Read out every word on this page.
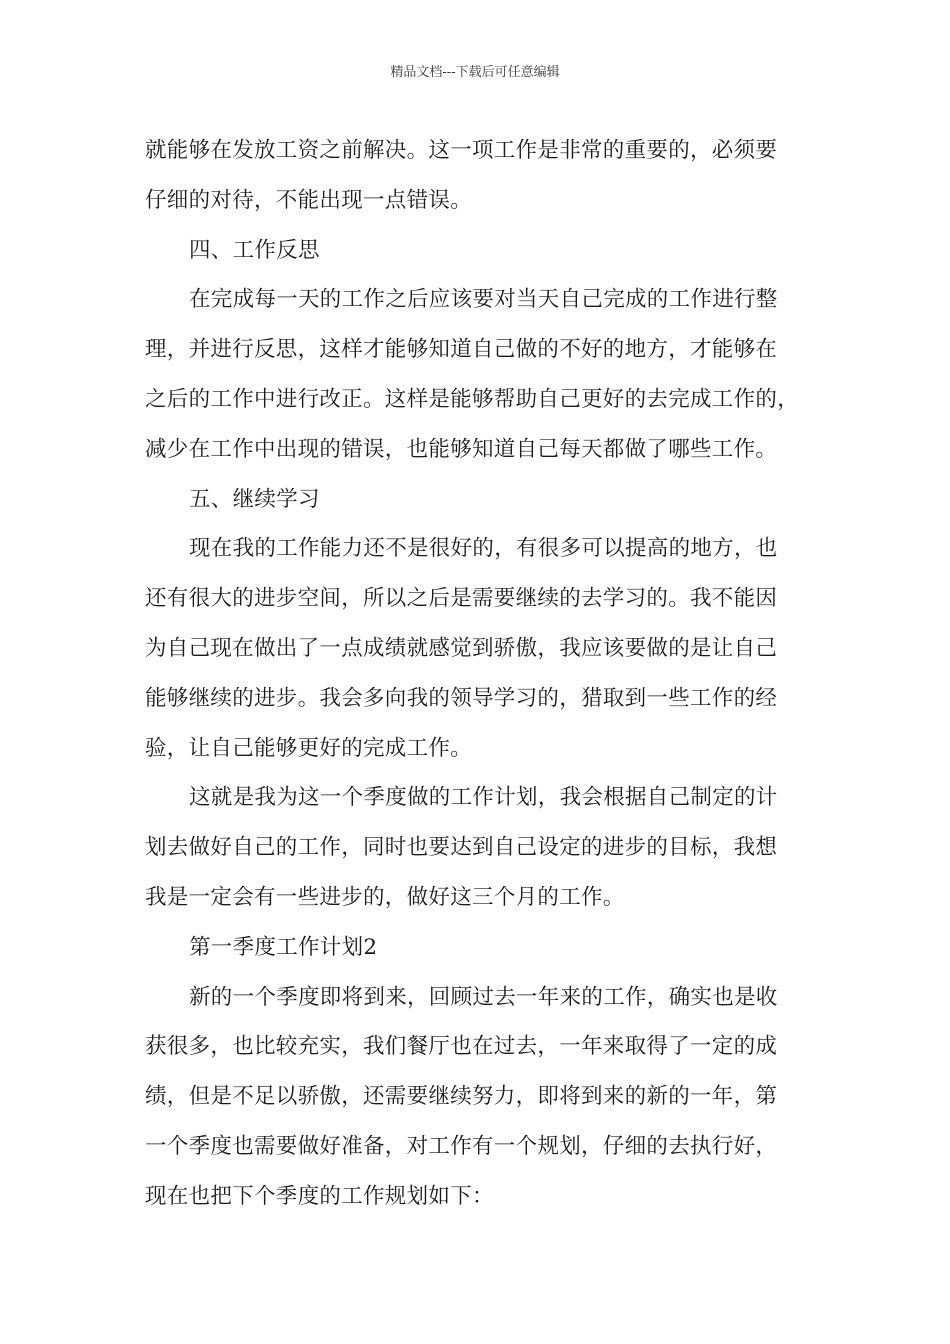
精品文档---下载后可任意编辑
就能够在发放工资之前解决。这一项工作是非常的重要的，必须要
仔细的对待，不能出现一点错误。
四、工作反思
在完成每一天的工作之后应该要对当天自己完成的工作进行整
理，并进行反思，这样才能够知道自己做的不好的地方，才能够在
之后的工作中进行改正。这样是能够帮助自己更好的去完成工作的，
减少在工作中出现的错误，也能够知道自己每天都做了哪些工作。
五、继续学习
现在我的工作能力还不是很好的，有很多可以提高的地方，也
还有很大的进步空间，所以之后是需要继续的去学习的。我不能因
为自己现在做出了一点成绩就感觉到骄傲，我应该要做的是让自己
能够继续的进步。我会多向我的领导学习的，猎取到一些工作的经
验，让自己能够更好的完成工作。
这就是我为这一个季度做的工作计划，我会根据自己制定的计
划去做好自己的工作，同时也要达到自己设定的进步的目标，我想
我是一定会有一些进步的，做好这三个月的工作。
第一季度工作计划2
新的一个季度即将到来，回顾过去一年来的工作，确实也是收
获很多，也比较充实，我们餐厅也在过去，一年来取得了一定的成
绩，但是不足以骄傲，还需要继续努力，即将到来的新的一年，第
一个季度也需要做好准备，对工作有一个规划，仔细的去执行好，
现在也把下个季度的工作规划如下：
